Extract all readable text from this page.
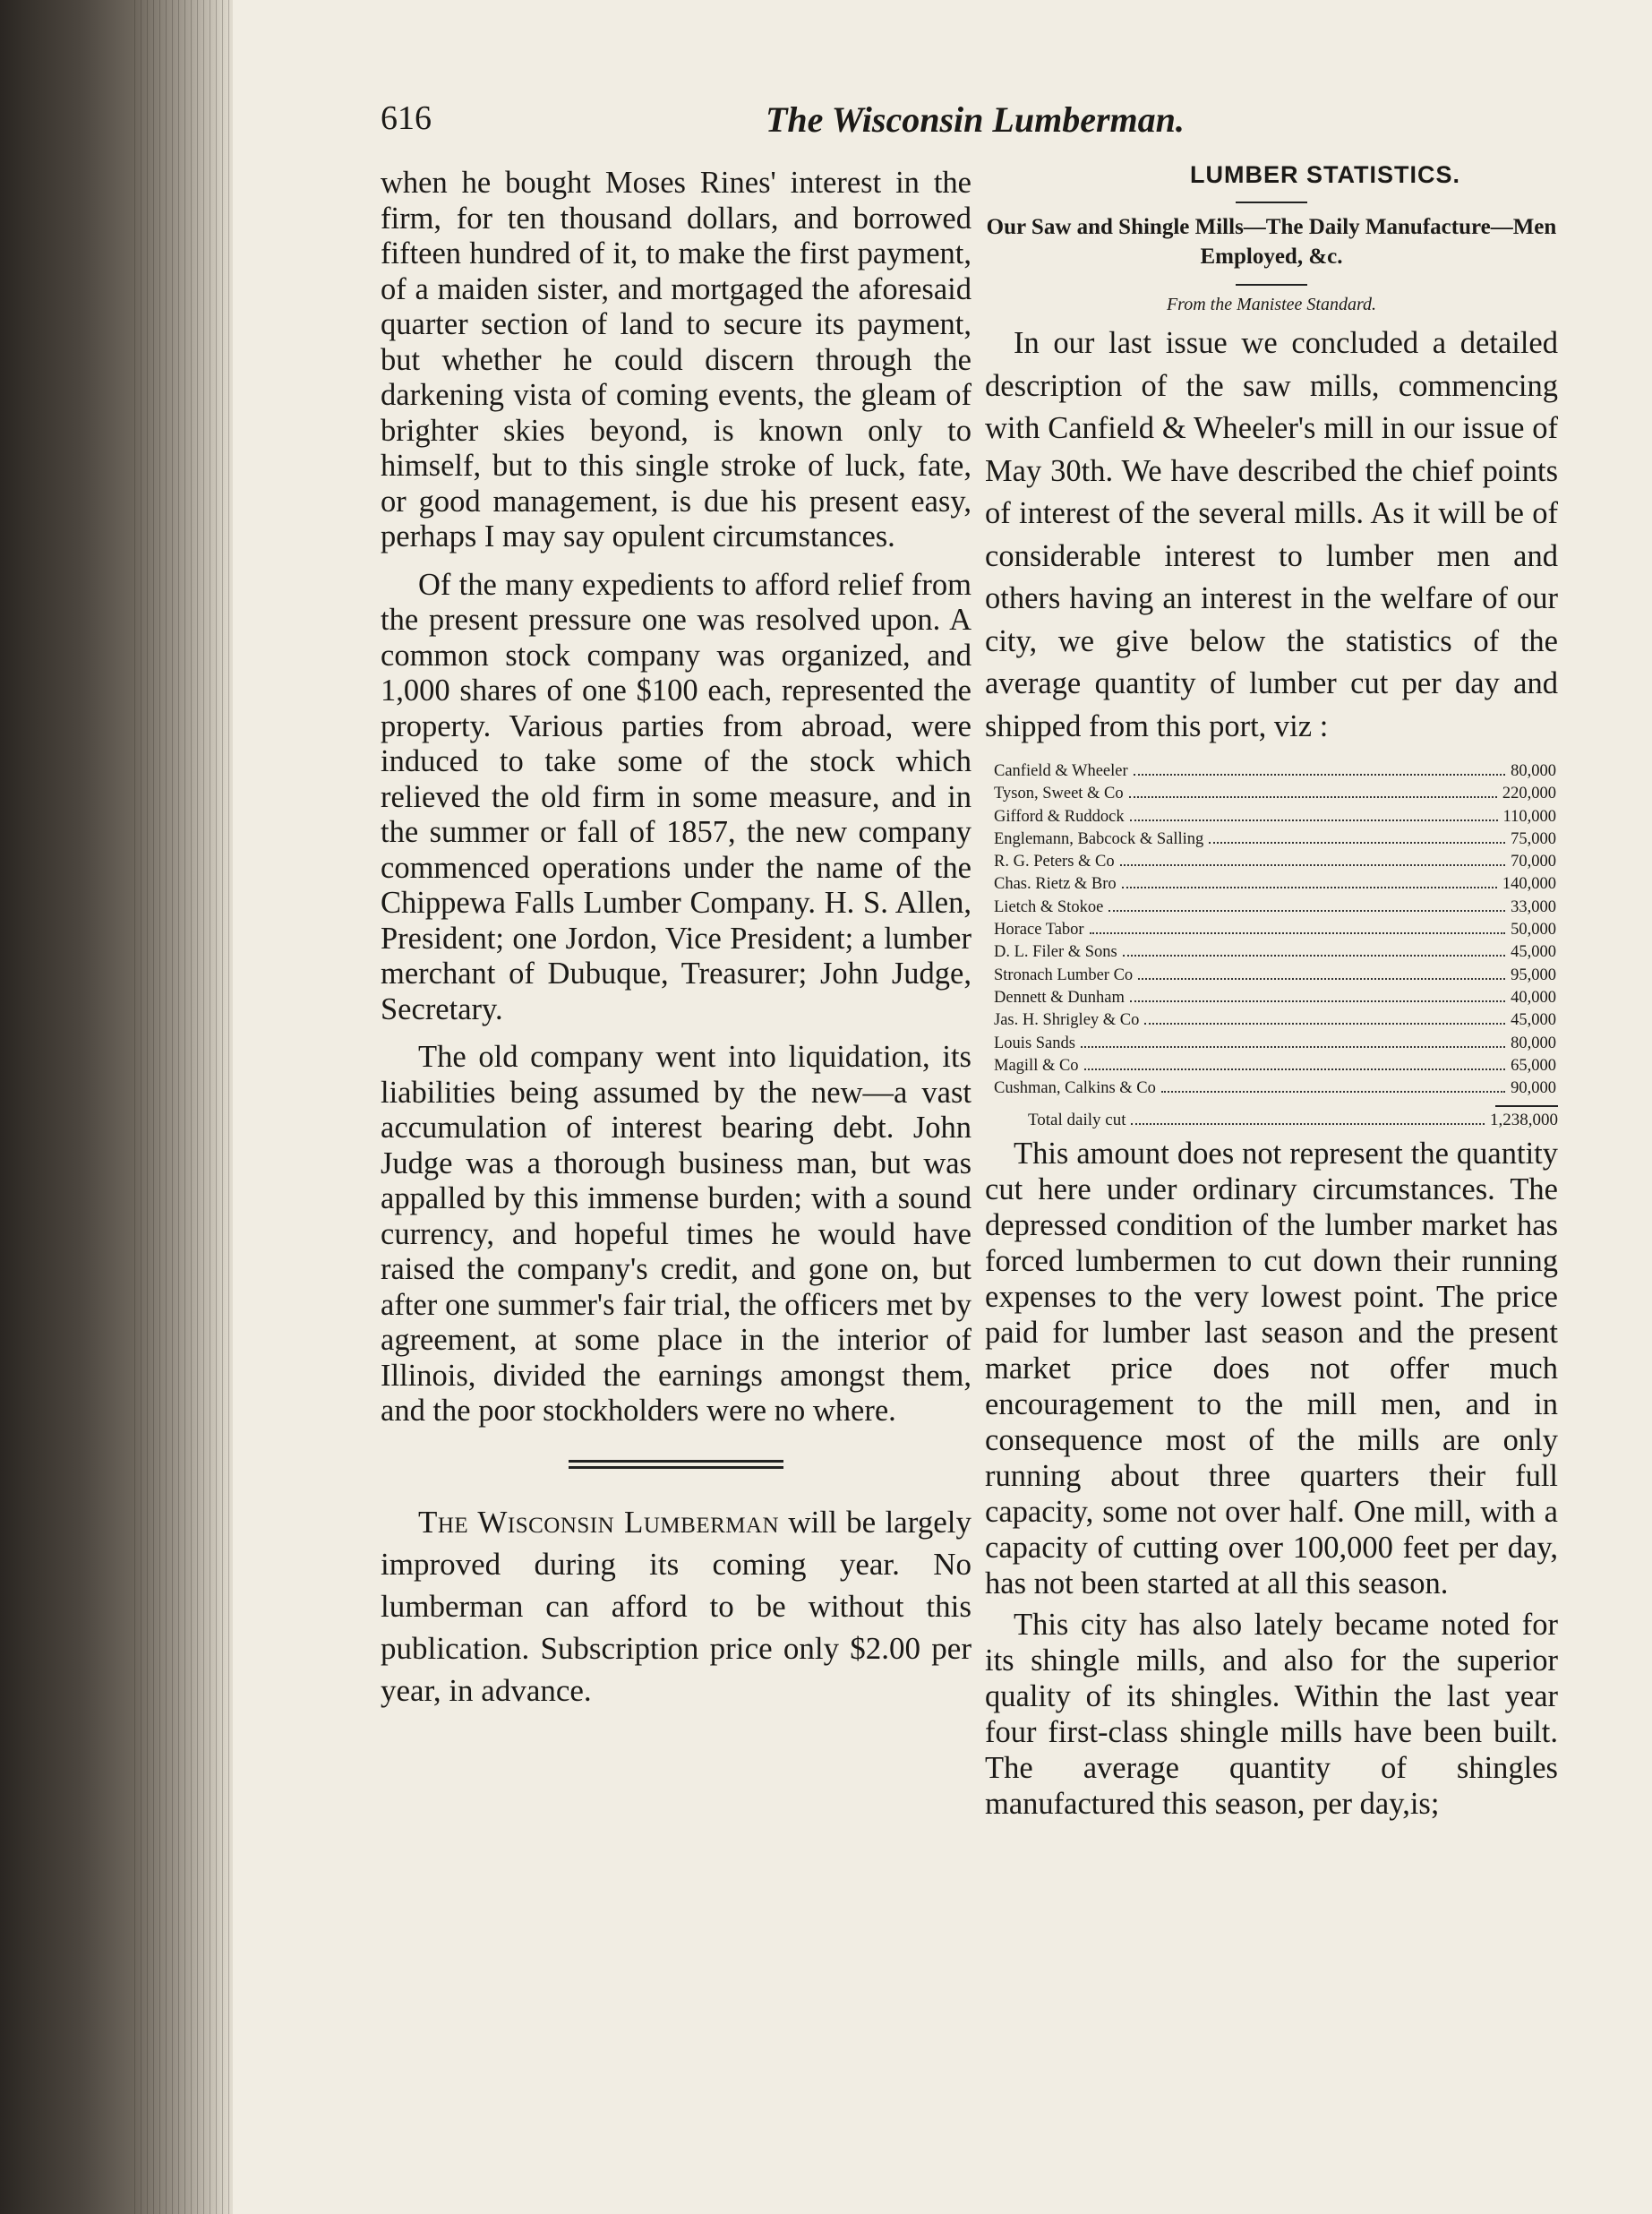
616	The Wisconsin Lumberman.

when he bought Moses Rines' interest in the firm, for ten thousand dollars, and borrowed fifteen hundred of it, to make the first payment, of a maiden sister, and mortgaged the aforesaid quarter section of land to secure its payment, but whether he could discern through the darkening vista of coming events, the gleam of brighter skies beyond, is known only to himself, but to this single stroke of luck, fate, or good management, is due his present easy, perhaps I may say opulent circumstances.

Of the many expedients to afford relief from the present pressure one was resolved upon. A common stock company was organized, and 1,000 shares of one $100 each, represented the property. Various parties from abroad, were induced to take some of the stock which relieved the old firm in some measure, and in the summer or fall of 1857, the new company commenced operations under the name of the Chippewa Falls Lumber Company. H. S. Allen, President; one Jordon, Vice President; a lumber merchant of Dubuque, Treasurer; John Judge, Secretary.

The old company went into liquidation, its liabilities being assumed by the new—a vast accumulation of interest bearing debt. John Judge was a thorough business man, but was appalled by this immense burden; with a sound currency, and hopeful times he would have raised the company's credit, and gone on, but after one summer's fair trial, the officers met by agreement, at some place in the interior of Illinois, divided the earnings amongst them, and the poor stockholders were no where.

The Wisconsin Lumberman will be largely improved during its coming year. No lumberman can afford to be without this publication. Subscription price only $2.00 per year, in advance.

LUMBER STATISTICS.

Our Saw and Shingle Mills—The Daily Manufacture—Men Employed, &c.

From the Manistee Standard.

In our last issue we concluded a detailed description of the saw mills, commencing with Canfield & Wheeler's mill in our issue of May 30th. We have described the chief points of interest of the several mills. As it will be of considerable interest to lumber men and others having an interest in the welfare of our city, we give below the statistics of the average quantity of lumber cut per day and shipped from this port, viz :

Canfield & Wheeler	80,000
Tyson, Sweet & Co	220,000
Gifford & Ruddock	110,000
Englemann, Babcock & Salling	75,000
R. G. Peters & Co	70,000
Chas. Rietz & Bro	140,000
Lietch & Stokoe	33,000
Horace Tabor	50,000
D. L. Filer & Sons	45,000
Stronach Lumber Co	95,000
Dennett & Dunham	40,000
Jas. H. Shrigley & Co	45,000
Louis Sands	80,000
Magill & Co	65,000
Cushman, Calkins & Co	90,000
Total daily cut	1,238,000

This amount does not represent the quantity cut here under ordinary circumstances. The depressed condition of the lumber market has forced lumbermen to cut down their running expenses to the very lowest point. The price paid for lumber last season and the present market price does not offer much encouragement to the mill men, and in consequence most of the mills are only running about three quarters their full capacity, some not over half. One mill, with a capacity of cutting over 100,000 feet per day, has not been started at all this season.

This city has also lately became noted for its shingle mills, and also for the superior quality of its shingles. Within the last year four first-class shingle mills have been built. The average quantity of shingles manufactured this season, per day,is;
